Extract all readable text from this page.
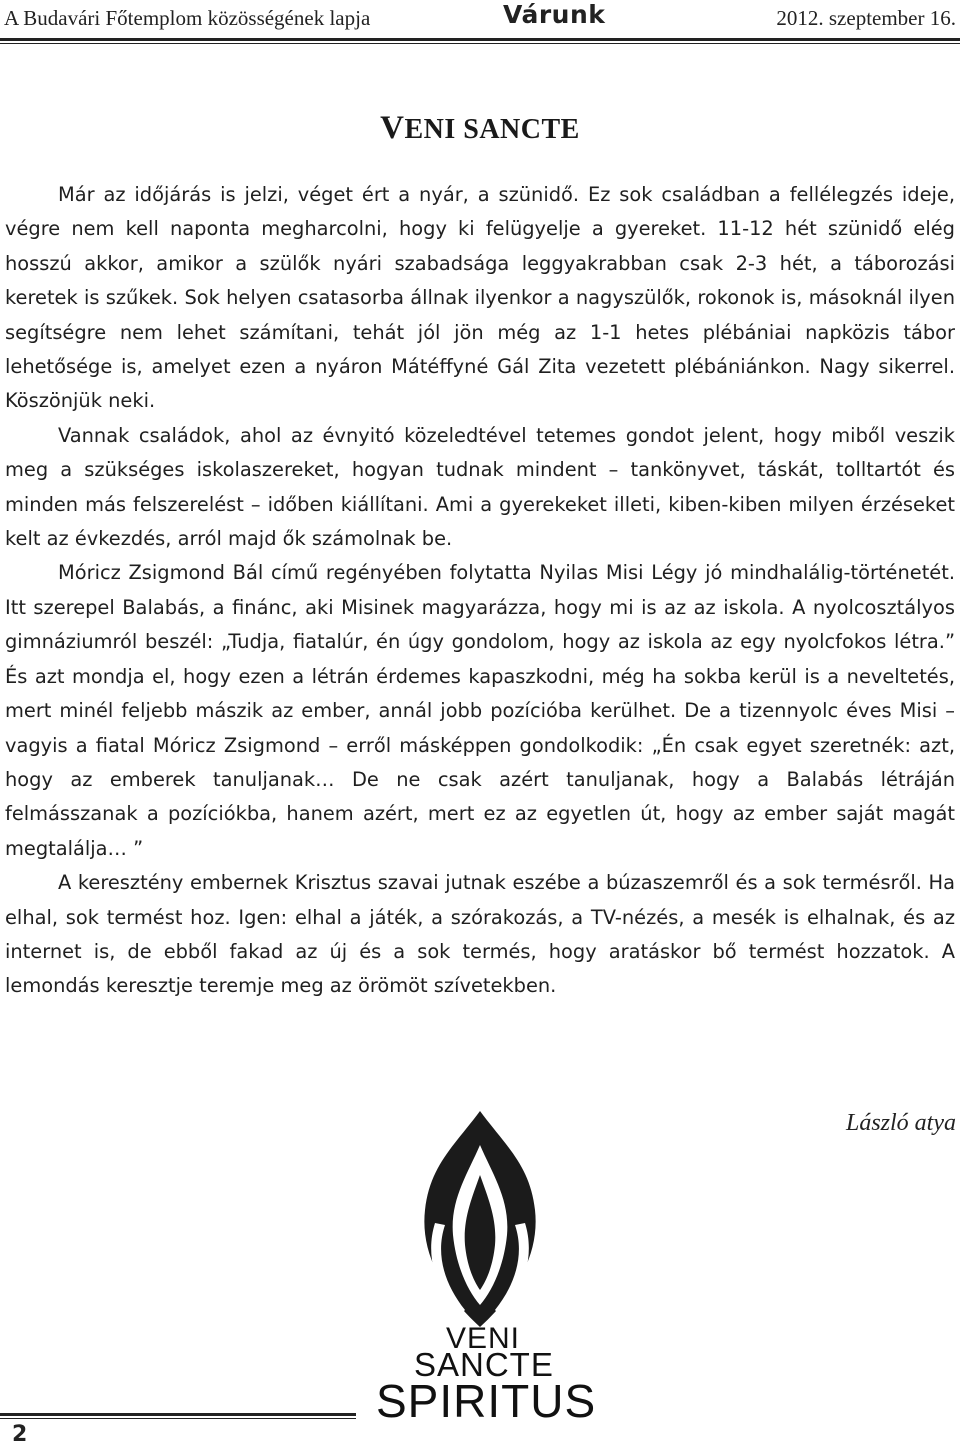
A Budavári Főtemplom közösségének lapja	Várunk	2012. szeptember 16.
VENI SANCTE

Már az időjárás is jelzi, véget ért a nyár, a szünidő. Ez sok családban a fellélegzés ideje, végre nem kell naponta megharcolni, hogy ki felügyelje a gyereket. 11-12 hét szünidő elég hosszú akkor, amikor a szülők nyári szabadsága leggyakrabban csak 2-3 hét, a táborozási keretek is szűkek. Sok helyen csatasorba állnak ilyenkor a nagyszülők, rokonok is, másoknál ilyen segítségre nem lehet számítani, tehát jól jön még az 1-1 hetes plébániai napközis tábor lehetősége is, amelyet ezen a nyáron Mátéffyné Gál Zita vezetett plébániánkon. Nagy sikerrel. Köszönjük neki.

Vannak családok, ahol az évnyitó közeledtével tetemes gondot jelent, hogy miből veszik meg a szükséges iskolaszereket, hogyan tudnak mindent – tankönyvet, táskát, tolltartót és minden más felszerelést – időben kiállítani. Ami a gyerekeket illeti, kiben-kiben milyen érzéseket kelt az évkezdés, arról majd ők számolnak be.

Móricz Zsigmond Bál című regényében folytatta Nyilas Misi Légy jó mindhalálig-történetét. Itt szerepel Balabás, a finánc, aki Misinek magyarázza, hogy mi is az az iskola. A nyolcosztályos gimnáziumról beszél: „Tudja, fiatalúr, én úgy gondolom, hogy az iskola az egy nyolcfokos létra.” És azt mondja el, hogy ezen a létrán érdemes kapaszkodni, még ha sokba kerül is a neveltetés, mert minél feljebb mászik az ember, annál jobb pozícióba kerülhet. De a tizennyolc éves Misi – vagyis a fiatal Móricz Zsigmond – erről másképpen gondolkodik: „Én csak egyet szeretnék: azt, hogy az emberek tanuljanak… De ne csak azért tanuljanak, hogy a Balabás létráján felmásszanak a pozíciókba, hanem azért, mert ez az egyetlen út, hogy az ember saját magát megtalálja… ”

A keresztény embernek Krisztus szavai jutnak eszébe a búzaszemről és a sok termésről. Ha elhal, sok termést hoz. Igen: elhal a játék, a szórakozás, a TV-nézés, a mesék is elhalnak, és az internet is, de ebből fakad az új és a sok termés, hogy aratáskor bő termést hozzatok. A lemondás keresztje teremje meg az örömöt szívetekben.

László atya
VENI
SANCTE
SPIRITUS
2
